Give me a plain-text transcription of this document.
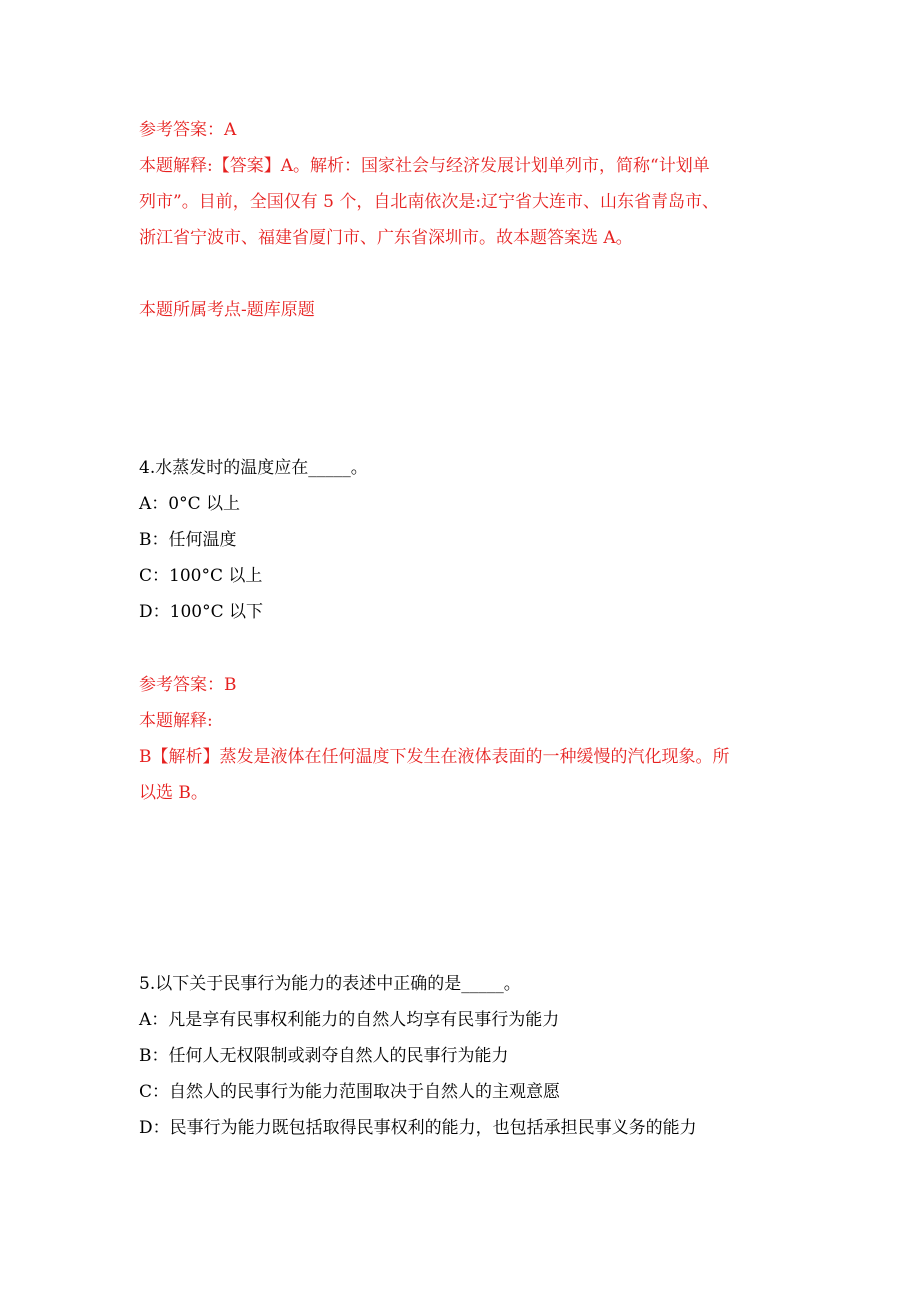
参考答案：A
本题解释:【答案】A。解析：国家社会与经济发展计划单列市，简称“计划单
列市”。目前，全国仅有 5 个，自北南依次是:辽宁省大连市、山东省青岛市、
浙江省宁波市、福建省厦门市、广东省深圳市。故本题答案选 A。
本题所属考点-题库原题
4.水蒸发时的温度应在_____。
A：0°C 以上
B：任何温度
C：100°C 以上
D：100°C 以下
参考答案：B
本题解释:
B【解析】蒸发是液体在任何温度下发生在液体表面的一种缓慢的汽化现象。所
以选 B。
5.以下关于民事行为能力的表述中正确的是_____。
A：凡是享有民事权利能力的自然人均享有民事行为能力
B：任何人无权限制或剥夺自然人的民事行为能力
C：自然人的民事行为能力范围取决于自然人的主观意愿
D：民事行为能力既包括取得民事权利的能力，也包括承担民事义务的能力
